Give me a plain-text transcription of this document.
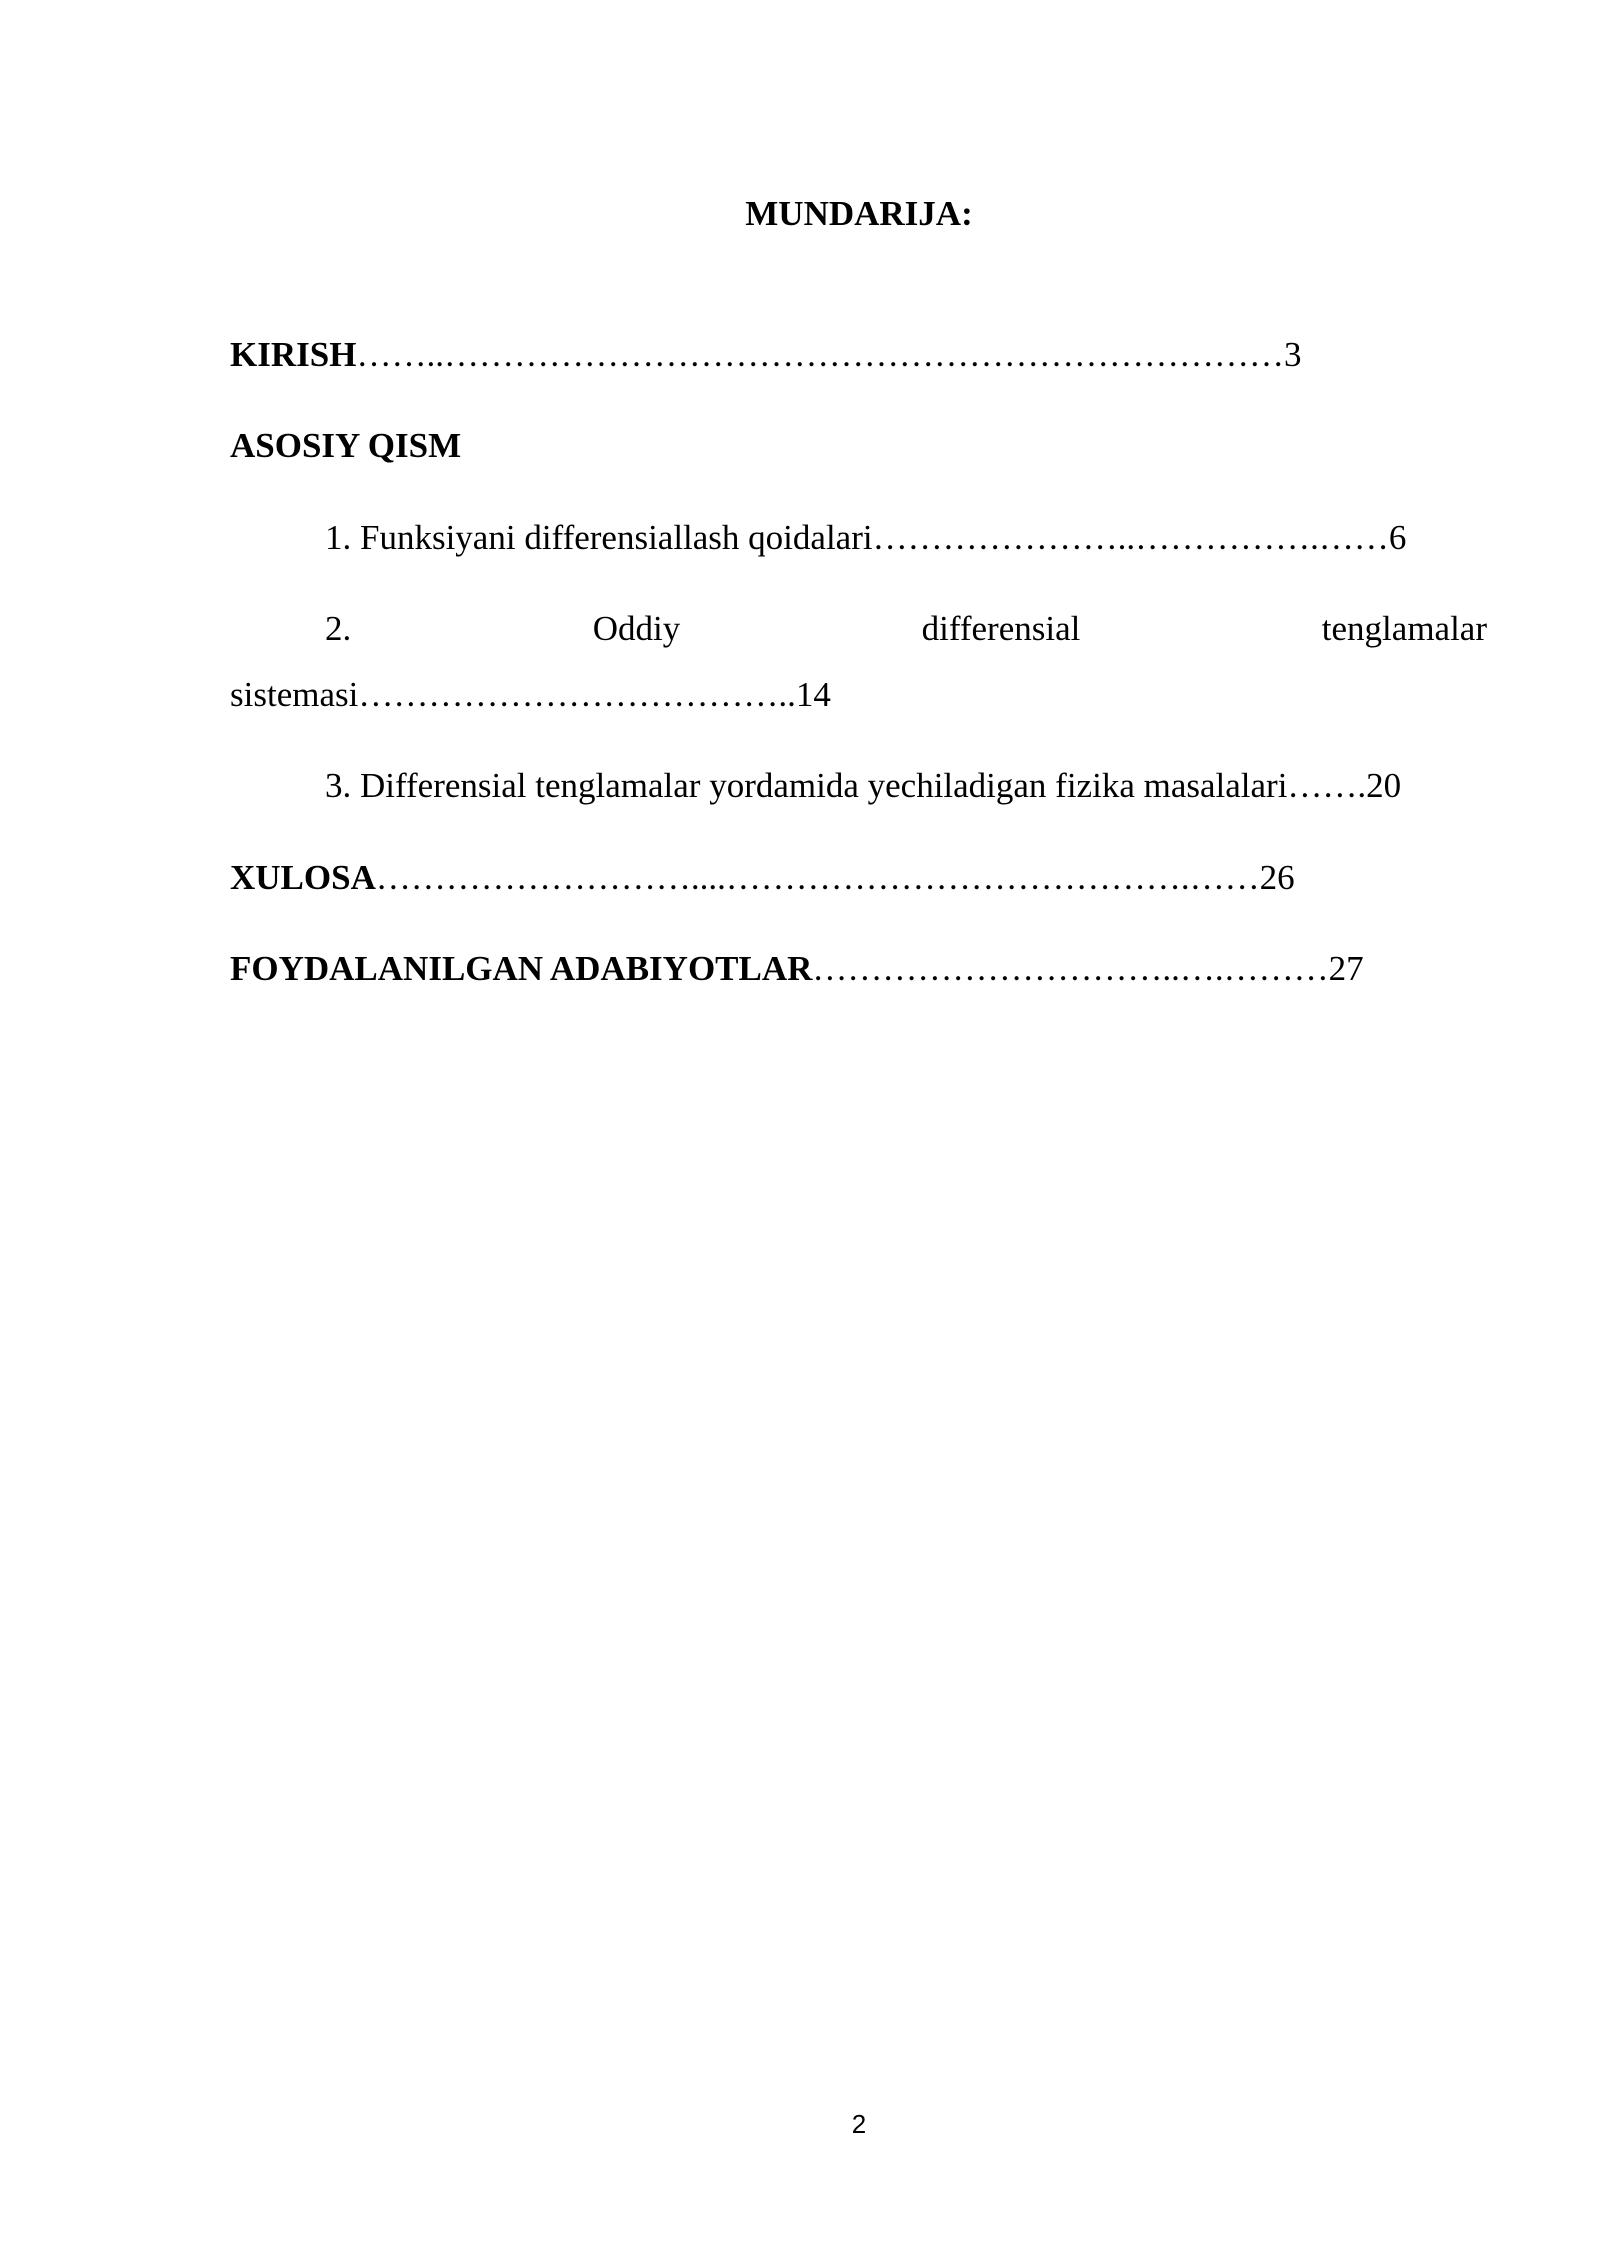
MUNDARIJA:
KIRISH……..………………………………………………………………3
ASOSIY QISM
1. Funksiyani differensiallash qoidalari…………………..…………….……6
2.	Oddiy	differensial	tenglamalar
sistemasi………………………………..14
3. Differensial tenglamalar yordamida yechiladigan fizika masalalari…….20
XULOSA………………………....………………………………….……26
FOYDALANILGAN ADABIYOTLAR…………………………..….………27
2
